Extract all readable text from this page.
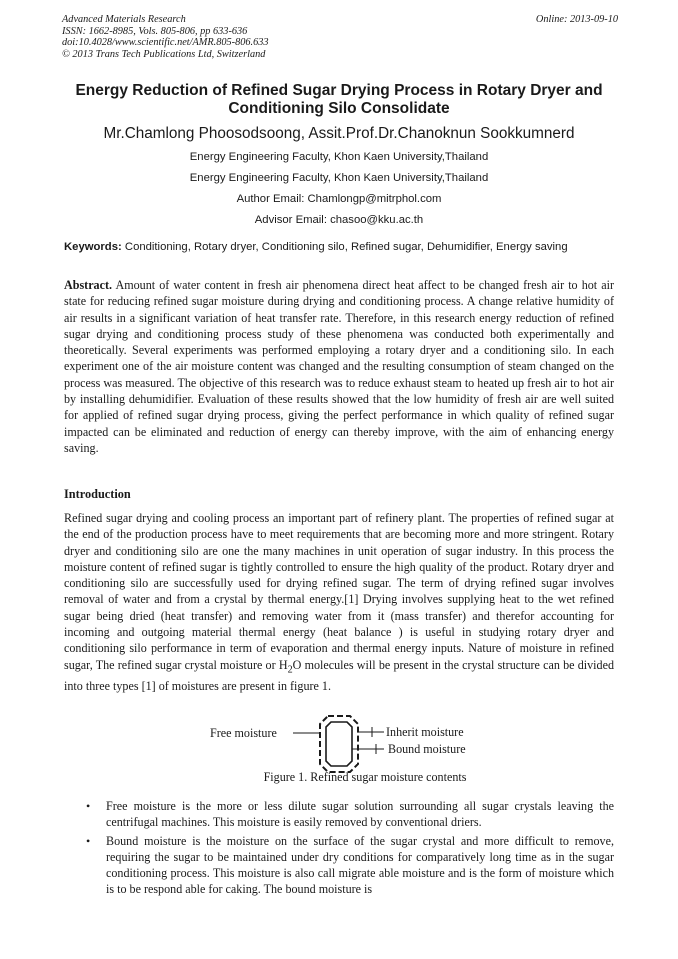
Advanced Materials Research
ISSN: 1662-8985, Vols. 805-806, pp 633-636
doi:10.4028/www.scientific.net/AMR.805-806.633
© 2013 Trans Tech Publications Ltd, Switzerland
Online: 2013-09-10
Energy Reduction of Refined Sugar Drying Process in Rotary Dryer and
Conditioning Silo Consolidate
Mr.Chamlong Phoosodsoong, Assit.Prof.Dr.Chanoknun Sookkumnerd
Energy Engineering Faculty, Khon Kaen University,Thailand
Energy Engineering Faculty, Khon Kaen University,Thailand
Author Email: Chamlongp@mitrphol.com
Advisor Email: chasoo@kku.ac.th
Keywords: Conditioning, Rotary dryer, Conditioning silo, Refined sugar, Dehumidifier, Energy saving
Abstract. Amount of water content in fresh air phenomena direct heat affect to be changed fresh air to hot air state for reducing refined sugar moisture during drying and conditioning process. A change relative humidity of air results in a significant variation of heat transfer rate. Therefore, in this research energy reduction of refined sugar drying and conditioning process study of these phenomena was conducted both experimentally and theoretically. Several experiments was performed employing a rotary dryer and a conditioning silo. In each experiment one of the air moisture content was changed and the resulting consumption of steam changed on the process was measured. The objective of this research was to reduce exhaust steam to heated up fresh air to hot air by installing dehumidifier. Evaluation of these results showed that the low humidity of fresh air are well suited for applied of refined sugar drying process, giving the perfect performance in which quality of refined sugar impacted can be eliminated and reduction of energy can thereby improve, with the aim of enhancing energy saving.
Introduction
Refined sugar drying and cooling process an important part of refinery plant. The properties of refined sugar at the end of the production process have to meet requirements that are becoming more and more stringent. Rotary dryer and conditioning silo are one the many machines in unit operation of sugar industry. In this process the moisture content of refined sugar is tightly controlled to ensure the high quality of the product. Rotary dryer and conditioning silo are successfully used for drying refined sugar. The term of drying refined sugar involves removal of water and from a crystal by thermal energy.[1] Drying involves supplying heat to the wet refined sugar being dried (heat transfer) and removing water from it (mass transfer) and therefor accounting for incoming and outgoing material thermal energy (heat balance ) is useful in studying rotary dryer and conditioning silo performance in term of evaporation and thermal energy inputs. Nature of moisture in refined sugar, The refined sugar crystal moisture or $H_2O$ molecules will be present in the crystal structure can be divided into three types [1] of moistures are present in figure 1.
Free moisture	Inherit moisture
Bound moisture
Figure 1. Refined sugar moisture contents
• Free moisture is the more or less dilute sugar solution surrounding all sugar crystals leaving the centrifugal machines. This moisture is easily removed by conventional driers.
• Bound moisture is the moisture on the surface of the sugar crystal and more difficult to remove, requiring the sugar to be maintained under dry conditions for comparatively long time as in the sugar conditioning process. This moisture is also call migrate able moisture and is the form of moisture which is to be respond able for caking. The bound moisture is
